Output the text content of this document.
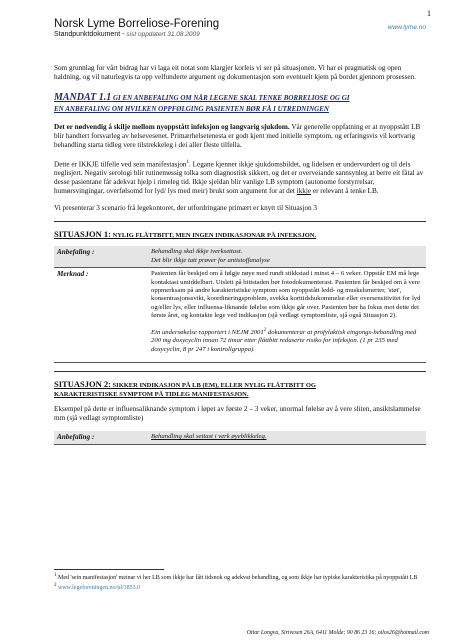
1
Norsk Lyme Borreliose-Forening	www.lyme.no
Standpunktdokument - sist oppdatert 31.08.2009

Som grunnlag for vårt bidrag har vi laga eit notat som klargjer korleis vi ser på situasjonen. Vi har ei pragmatisk og open haldning, og vil naturlegvis ta opp velfunderte argument og dokumentasjon som eventuelt kjem på bordet gjennom prosessen.

MANDAT 1.1 GI EN ANBEFALING OM NÅR LEGENE SKAL TENKE BORRELIOSE OG GI
EN ANBEFALING OM HVILKEN OPPFØLGING PASIENTEN BØR FÅ I UTREDNINGEN

Det er nødvendig å skilje mellom nyoppstått infeksjon og langvarig sjukdom. Vår generelle oppfatning er at nyoppstått LB blir handtert forsvarleg av helsevesenet. Primærhelsetenesta er godt kjent med initielle symptom, og erfaringsvis vil kortvarig behandling starta tidleg vere tilstrekkeleg i dei aller fleste tilfella.

Dette er IKKJE tilfelle ved sein manifestasjon$^1$. Legane kjenner ikkje sjukdomsbildet, og lidelsen er undervurdert og til dels neglisjert. Negativ serologi blir rutinemessig tolka som diagnostisk sikkert, og det er overveiande sannsynleg at berre eit fåtal av desse pasientane får adekvat hjelp i rimeleg tid. Ikkje sjeldan blir vanlige LB symptom (autonome forstyrrelsar, humørsvingingar, overfølsomd for lyd/ lys med meir) brukt som argument for at det ikkje er relevant å tenke LB.

Vi presenterar 3 scenario frå legekontoret, der utfordringane primært er knytt til Situasjon 3

SITUASJON 1: NYLIG FLÅTTBITT, MEN INGEN INDIKASJONAR PÅ INFEKSJON.
Anbefaling :	Behandling skal ikkje iverksettast.
Det blir ikkje tatt prøver for antistoffanalyse
Merknad :	Pasienten får beskjed om å følgje nøye med rundt stikkstad i minst 4 – 6 veker. Oppstår EM må lege kontaktast umiddelbart. Utslett på bittstaden bør fotodokumenterast. Pasienten får beskjed om å vere oppmerksam på andre karakteristiske symptom som nyoppstått ledd- og muskelsmerter, 'støt', konsentrasjonssvikt, koordineringsproblem, svekka korttidshukommelse eller oversensitivitet for lyd og/eller lys, eller influensa-liknande følelse som ikkje går over. Pasienten bør ha fokus mot dette det første året, og kontakte lege ved indikasjon (sjå vedlagt symptomliste, sjå også Situasjon 2).

Ein undersøkelse rapportert i NEJM 2001$^2$ dokumenterar at profylaktisk eingongs-behandling med 200 mg doxycyclin innan 72 timar etter flåttbitt reduserte risiko for infeksjon. (1 pr 235 med doxycyclin, 8 pr 247 i kontrollgruppa).

SITUASJON 2: SIKKER INDIKASJON PÅ LB (EM), ELLER NYLIG FLÅTTBITT OG
KARAKTERISTISKE SYMPTOM PÅ TIDLEG MANIFESTASJON.

Eksempel på dette er influensaliknande symptom i løpet av første 2 – 3 veker, unormal følelse av å vere sliten, ansiktslammelse mm (sjå vedlagt symptomliste)

Anbefaling :	Behandling skal settast i verk øyeblikkeleg.
$^1$ Med 'sein manifestasjon' meinar vi her LB som ikkje har fått tidsnok og adekvat behandling, og som ikkje har typiske karakteristika på nyoppstått LB
$^2$ www.legeforeningen.no/id/3853.0
Ottar Longva, Sirivesen 26A, 6411 Molde; 90 86 23 16; otlos26@hotmail.com
